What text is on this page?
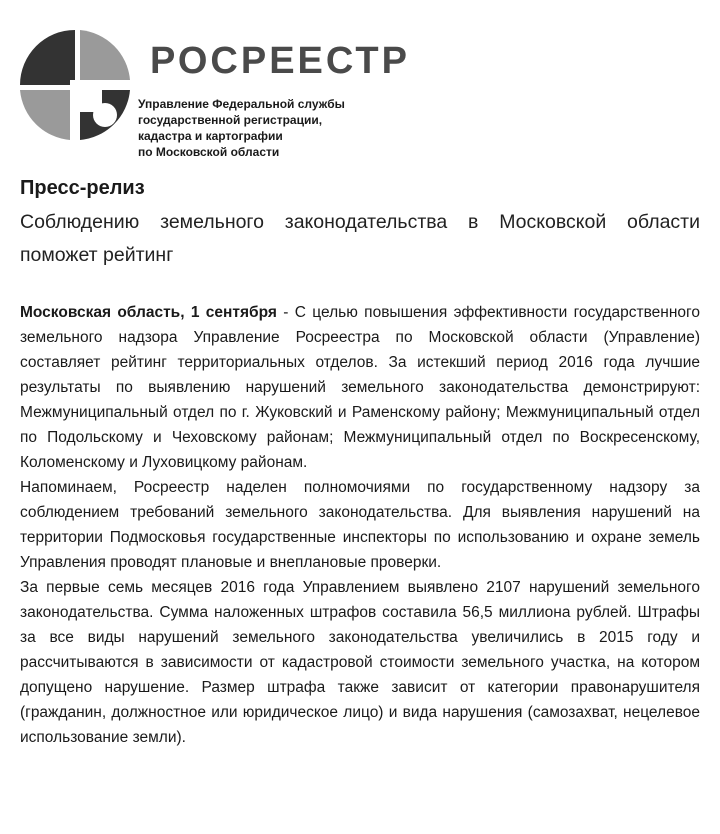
РОСРЕЕСТР
Управление Федеральной службы
государственной регистрации,
кадастра и картографии
по Московской области
Пресс-релиз
Соблюдению земельного законодательства в Московской области поможет рейтинг

Московская область, 1 сентября - С целью повышения эффективности государственного земельного надзора Управление Росреестра по Московской области (Управление) составляет рейтинг территориальных отделов. За истекший период 2016 года лучшие результаты по выявлению нарушений земельного законодательства демонстрируют: Межмуниципальный отдел по г. Жуковский и Раменскому району; Межмуниципальный отдел по Подольскому и Чеховскому районам; Межмуниципальный отдел по Воскресенскому, Коломенскому и Луховицкому районам.

Напоминаем, Росреестр наделен полномочиями по государственному надзору за соблюдением требований земельного законодательства. Для выявления нарушений на территории Подмосковья государственные инспекторы по использованию и охране земель Управления проводят плановые и внеплановые проверки.

За первые семь месяцев 2016 года Управлением выявлено 2107 нарушений земельного законодательства. Сумма наложенных штрафов составила 56,5 миллиона рублей. Штрафы за все виды нарушений земельного законодательства увеличились в 2015 году и рассчитываются в зависимости от кадастровой стоимости земельного участка, на котором допущено нарушение. Размер штрафа также зависит от категории правонарушителя (гражданин, должностное или юридическое лицо) и вида нарушения (самозахват, нецелевое использование земли).
